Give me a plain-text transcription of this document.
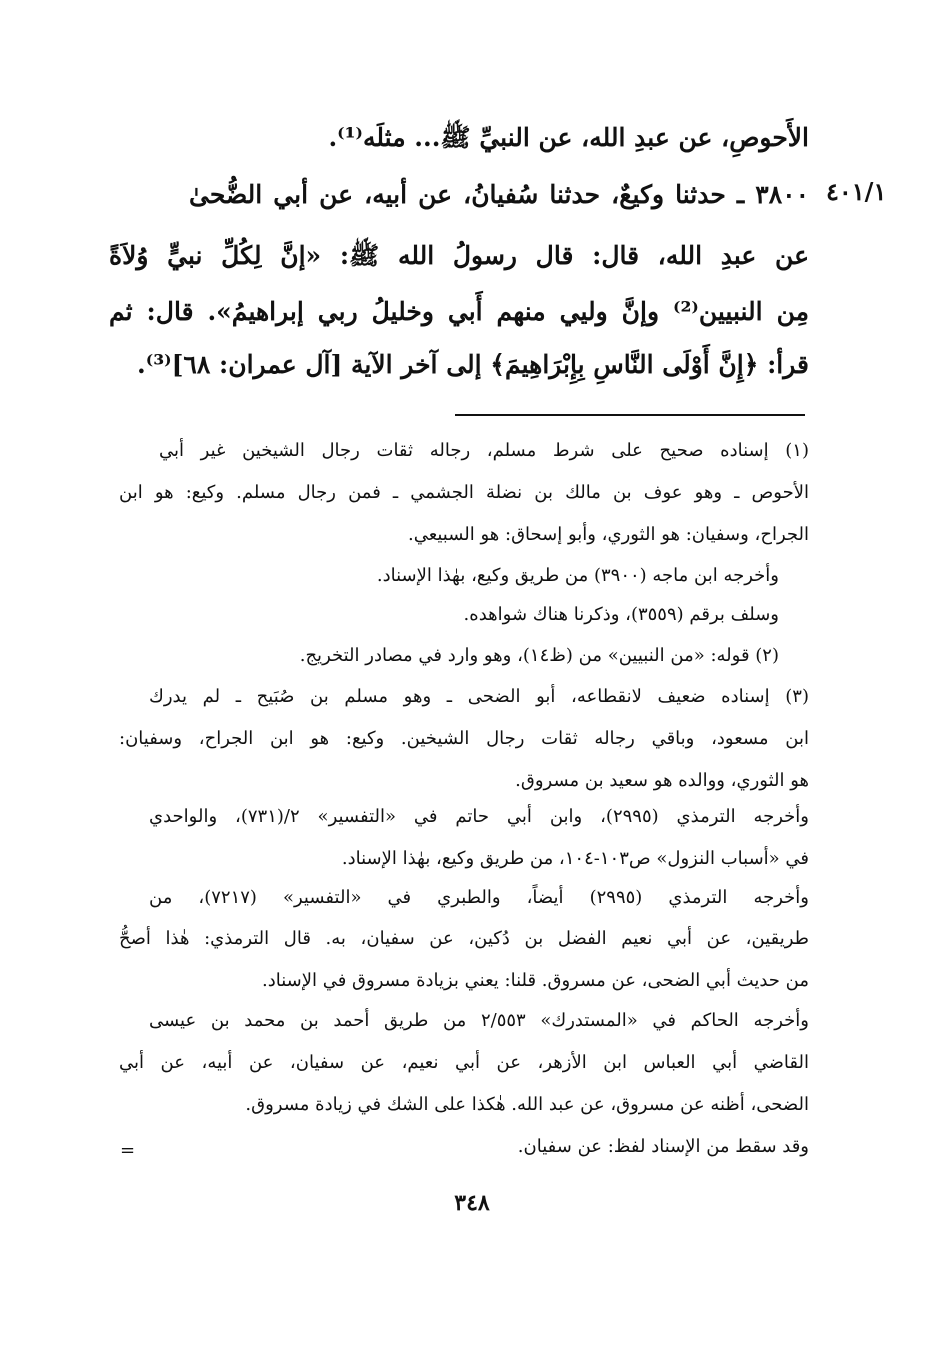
٤٠١/١
الأَحوصِ، عن عبدِ الله، عن النبيِّ ﷺ... مثلَه⁽¹⁾.
٣٨٠٠ ـ حدثنا وكيعٌ، حدثنا سُفيانُ، عن أبيه، عن أبي الضُّحىٰ
عن عبدِ الله، قال: قال رسولُ الله ﷺ: «إنَّ لِكُلِّ نبيٍّ وُلاَةً
مِن النبيين⁽²⁾ وإنَّ وليي منهم أَبي وخليلُ ربي إبراهيمُ». قال: ثم
قرأ: ﴿إِنَّ أَوْلَى النَّاسِ بِإِبْرَاهِيمَ﴾ إلى آخر الآية [آل عمران: ٦٨]⁽³⁾.
(١) إسناده صحيح على شرط مسلم، رجاله ثقات رجال الشيخين غير أبي
الأحوص ـ وهو عوف بن مالك بن نضلة الجشمي ـ فمن رجال مسلم. وكيع: هو ابن
الجراح، وسفيان: هو الثوري، وأبو إسحاق: هو السبيعي.
وأخرجه ابن ماجه (٣٩٠٠) من طريق وكيع، بهٰذا الإسناد.
وسلف برقم (٣٥٥٩)، وذكرنا هناك شواهده.
(٢) قوله: «من النبيين» من (ظ١٤)، وهو وارد في مصادر التخريج.
(٣) إسناده ضعيف لانقطاعه، أبو الضحى ـ وهو مسلم بن صُبَيح ـ لم يدرك
ابن مسعود، وباقي رجاله ثقات رجال الشيخين. وكيع: هو ابن الجراح، وسفيان:
هو الثوري، ووالده هو سعيد بن مسروق.
وأخرجه الترمذي (٢٩٩٥)، وابن أبي حاتم في «التفسير» ٢/(٧٣١)، والواحدي
في «أسباب النزول» ص١٠٣-١٠٤، من طريق وكيع، بهٰذا الإسناد.
وأخرجه الترمذي (٢٩٩٥) أيضاً، والطبري في «التفسير» (٧٢١٧)، من
طريقين، عن أبي نعيم الفضل بن دُكين، عن سفيان، به. قال الترمذي: هٰذا أصحُّ
من حديث أبي الضحى، عن مسروق. قلنا: يعني بزيادة مسروق في الإسناد.
وأخرجه الحاكم في «المستدرك» ٢/٥٥٣ من طريق أحمد بن محمد بن عيسى
القاضي أبي العباس ابن الأزهر، عن أبي نعيم، عن سفيان، عن أبيه، عن أبي
الضحى، أظنه عن مسروق، عن عبد الله. هٰكذا على الشك في زيادة مسروق.
وقد سقط من الإسناد لفظ: عن سفيان.
=
٣٤٨
